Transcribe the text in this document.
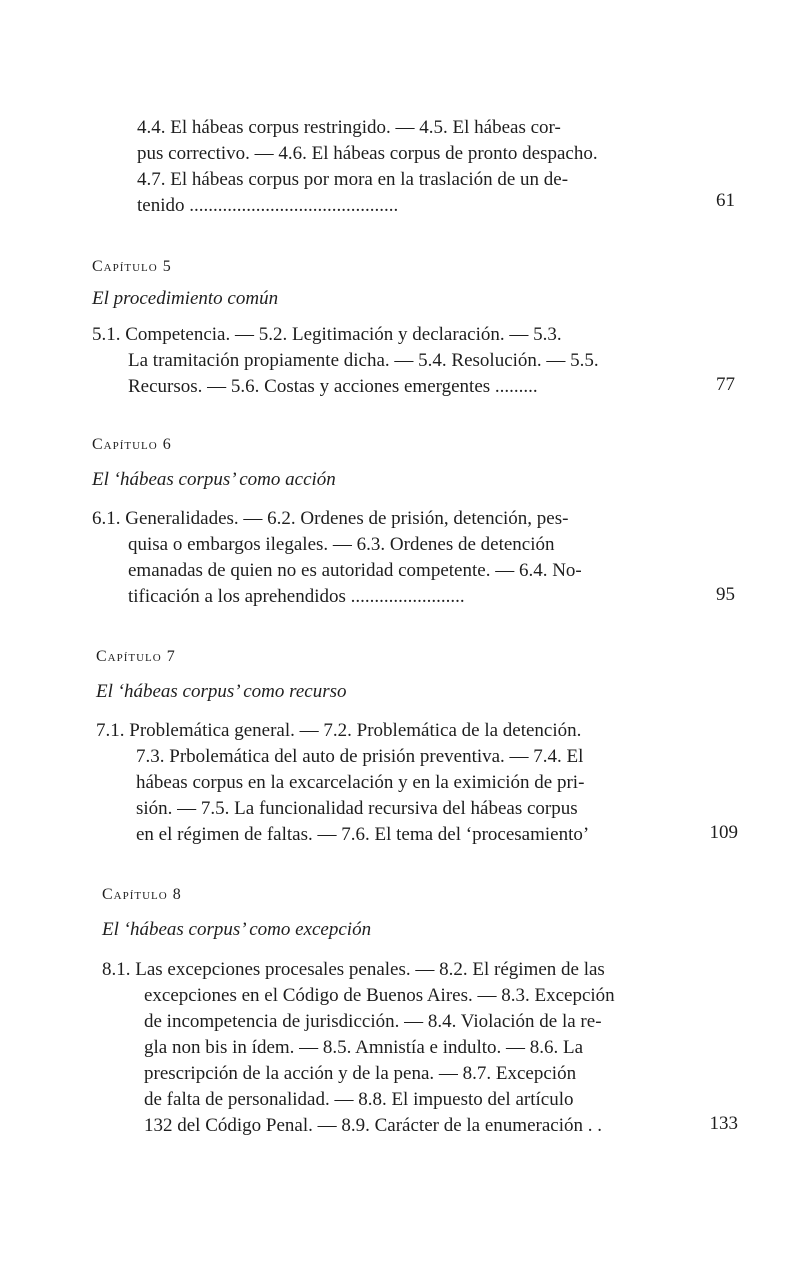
4.4. El hábeas corpus restringido. — 4.5. El hábeas cor-
pus correctivo. — 4.6. El hábeas corpus de pronto despacho.
4.7. El hábeas corpus por mora en la traslación de un de-
tenido ............................................	61
Capítulo 5
El procedimiento común
5.1. Competencia. — 5.2. Legitimación y declaración. — 5.3.
La tramitación propiamente dicha. — 5.4. Resolución. — 5.5.
Recursos. — 5.6. Costas y acciones emergentes .........	77
Capítulo 6
El ‘hábeas corpus’ como acción
6.1. Generalidades. — 6.2. Ordenes de prisión, detención, pes-
quisa o embargos ilegales. — 6.3. Ordenes de detención
emanadas de quien no es autoridad competente. — 6.4. No-
tificación a los aprehendidos ........................	95
Capítulo 7
El ‘hábeas corpus’ como recurso
7.1. Problemática general. — 7.2. Problemática de la detención.
7.3. Prbolemática del auto de prisión preventiva. — 7.4. El
hábeas corpus en la excarcelación y en la eximición de pri-
sión. — 7.5. La funcionalidad recursiva del hábeas corpus
en el régimen de faltas. — 7.6. El tema del ‘procesamiento’	109
Capítulo 8
El ‘hábeas corpus’ como excepción
8.1. Las excepciones procesales penales. — 8.2. El régimen de las
excepciones en el Código de Buenos Aires. — 8.3. Excepción
de incompetencia de jurisdicción. — 8.4. Violación de la re-
gla non bis in ídem. — 8.5. Amnistía e indulto. — 8.6. La
prescripción de la acción y de la pena. — 8.7. Excepción
de falta de personalidad. — 8.8. El impuesto del artículo
132 del Código Penal. — 8.9. Carácter de la enumeración . .	133
